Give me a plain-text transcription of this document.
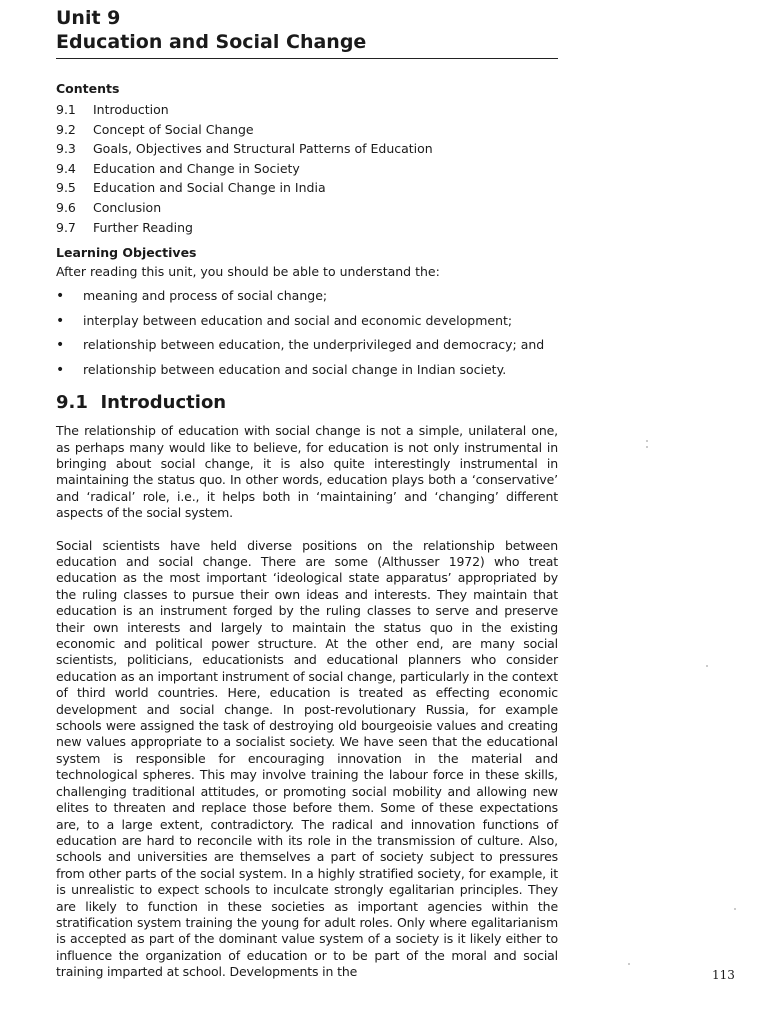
Unit 9
Education and Social Change
Contents
9.1	Introduction
9.2	Concept of Social Change
9.3	Goals, Objectives and Structural Patterns of Education
9.4	Education and Change in Society
9.5	Education and Social Change in India
9.6	Conclusion
9.7	Further Reading
Learning Objectives

After reading this unit, you should be able to understand the:

•	meaning and process of social change;
•	interplay between education and social and economic development;
•	relationship between education, the underprivileged and democracy; and
•	relationship between education and social change in Indian society.
9.1 Introduction

The relationship of education with social change is not a simple, unilateral one, as perhaps many would like to believe, for education is not only instrumental in bringing about social change, it is also quite interestingly instrumental in maintaining the status quo. In other words, education plays both a ‘conservative’ and ‘radical’ role, i.e., it helps both in ‘maintaining’ and ‘changing’ different aspects of the social system.

Social scientists have held diverse positions on the relationship between education and social change. There are some (Althusser 1972) who treat education as the most important ‘ideological state apparatus’ appropriated by the ruling classes to pursue their own ideas and interests. They maintain that education is an instrument forged by the ruling classes to serve and preserve their own interests and largely to maintain the status quo in the existing economic and political power structure. At the other end, are many social scientists, politicians, educationists and educational planners who consider education as an important instrument of social change, particularly in the context of third world countries. Here, education is treated as effecting economic development and social change. In post-revolutionary Russia, for example schools were assigned the task of destroying old bourgeoisie values and creating new values appropriate to a socialist society. We have seen that the educational system is responsible for encouraging innovation in the material and technological spheres. This may involve training the labour force in these skills, challenging traditional attitudes, or promoting social mobility and allowing new elites to threaten and replace those before them. Some of these expectations are, to a large extent, contradictory. The radical and innovation functions of education are hard to reconcile with its role in the transmission of culture. Also, schools and universities are themselves a part of society subject to pressures from other parts of the social system. In a highly stratified society, for example, it is unrealistic to expect schools to inculcate strongly egalitarian principles. They are likely to function in these societies as important agencies within the stratification system training the young for adult roles. Only where egalitarianism is accepted as part of the dominant value system of a society is it likely either to influence the organization of education or to be part of the moral and social training imparted at school. Developments in the	113
